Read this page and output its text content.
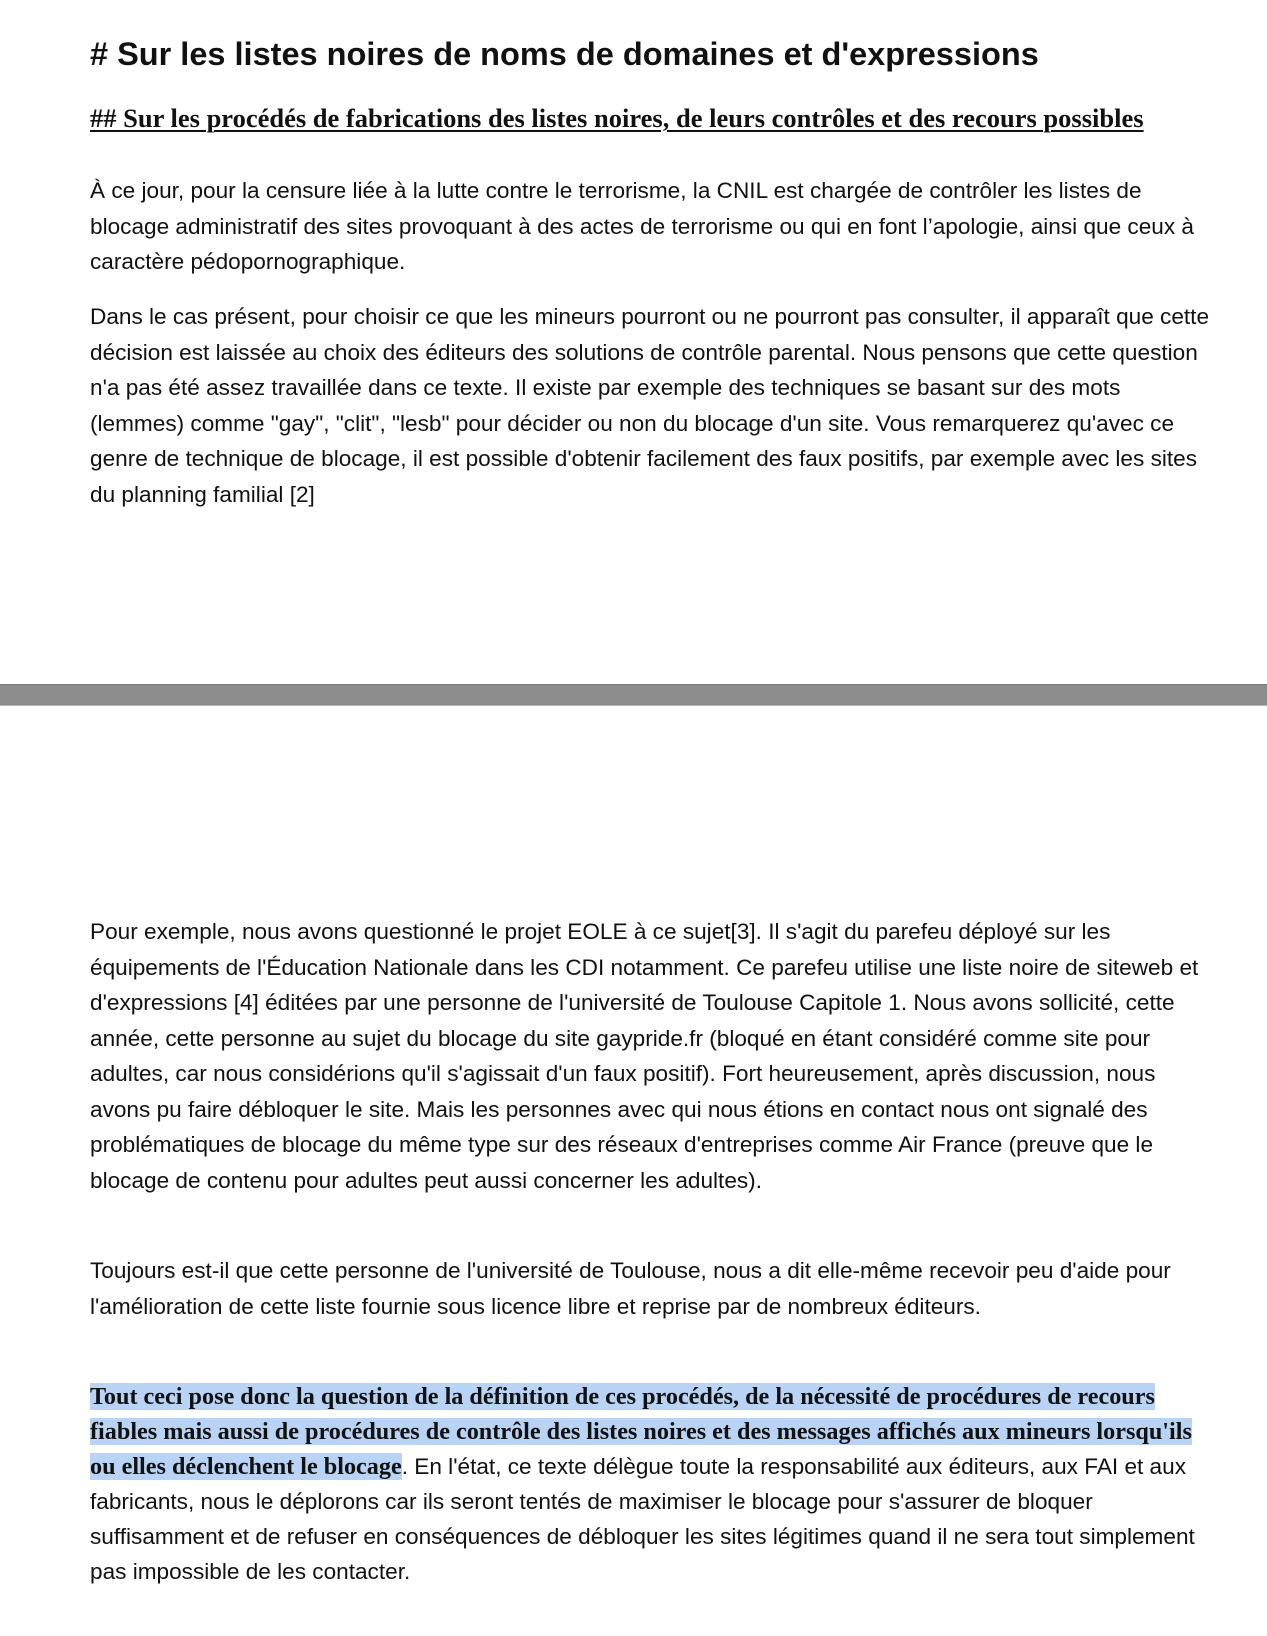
# Sur les listes noires de noms de domaines et d'expressions
## Sur les procédés de fabrications des listes noires, de leurs contrôles et des recours possibles

À ce jour, pour la censure liée à la lutte contre le terrorisme, la CNIL est chargée de contrôler les listes de blocage administratif des sites provoquant à des actes de terrorisme ou qui en font l’apologie, ainsi que ceux à caractère pédopornographique.

Dans le cas présent, pour choisir ce que les mineurs pourront ou ne pourront pas consulter, il apparaît que cette décision est laissée au choix des éditeurs des solutions de contrôle parental. Nous pensons que cette question n'a pas été assez travaillée dans ce texte. Il existe par exemple des techniques se basant sur des mots (lemmes) comme "gay", "clit", "lesb" pour décider ou non du blocage d'un site. Vous remarquerez qu'avec ce genre de technique de blocage, il est possible d'obtenir facilement des faux positifs, par exemple avec les sites du planning familial [2]

Pour exemple, nous avons questionné le projet EOLE à ce sujet[3]. Il s'agit du parefeu déployé sur les équipements de l'Éducation Nationale dans les CDI notamment. Ce parefeu utilise une liste noire de siteweb et d'expressions [4] éditées par une personne de l'université de Toulouse Capitole 1. Nous avons sollicité, cette année, cette personne au sujet du blocage du site gaypride.fr (bloqué en étant considéré comme site pour adultes, car nous considérions qu'il s'agissait d'un faux positif). Fort heureusement, après discussion, nous avons pu faire débloquer le site. Mais les personnes avec qui nous étions en contact nous ont signalé des problématiques de blocage du même type sur des réseaux d'entreprises comme Air France (preuve que le blocage de contenu pour adultes peut aussi concerner les adultes).

Toujours est-il que cette personne de l'université de Toulouse, nous a dit elle-même recevoir peu d'aide pour l'amélioration de cette liste fournie sous licence libre et reprise par de nombreux éditeurs.

Tout ceci pose donc la question de la définition de ces procédés, de la nécessité de procédures de recours fiables mais aussi de procédures de contrôle des listes noires et des messages affichés aux mineurs lorsqu'ils ou elles déclenchent le blocage. En l'état, ce texte délègue toute la responsabilité aux éditeurs, aux FAI et aux fabricants, nous le déplorons car ils seront tentés de maximiser le blocage pour s'assurer de bloquer suffisamment et de refuser en conséquences de débloquer les sites légitimes quand il ne sera tout simplement pas impossible de les contacter.
